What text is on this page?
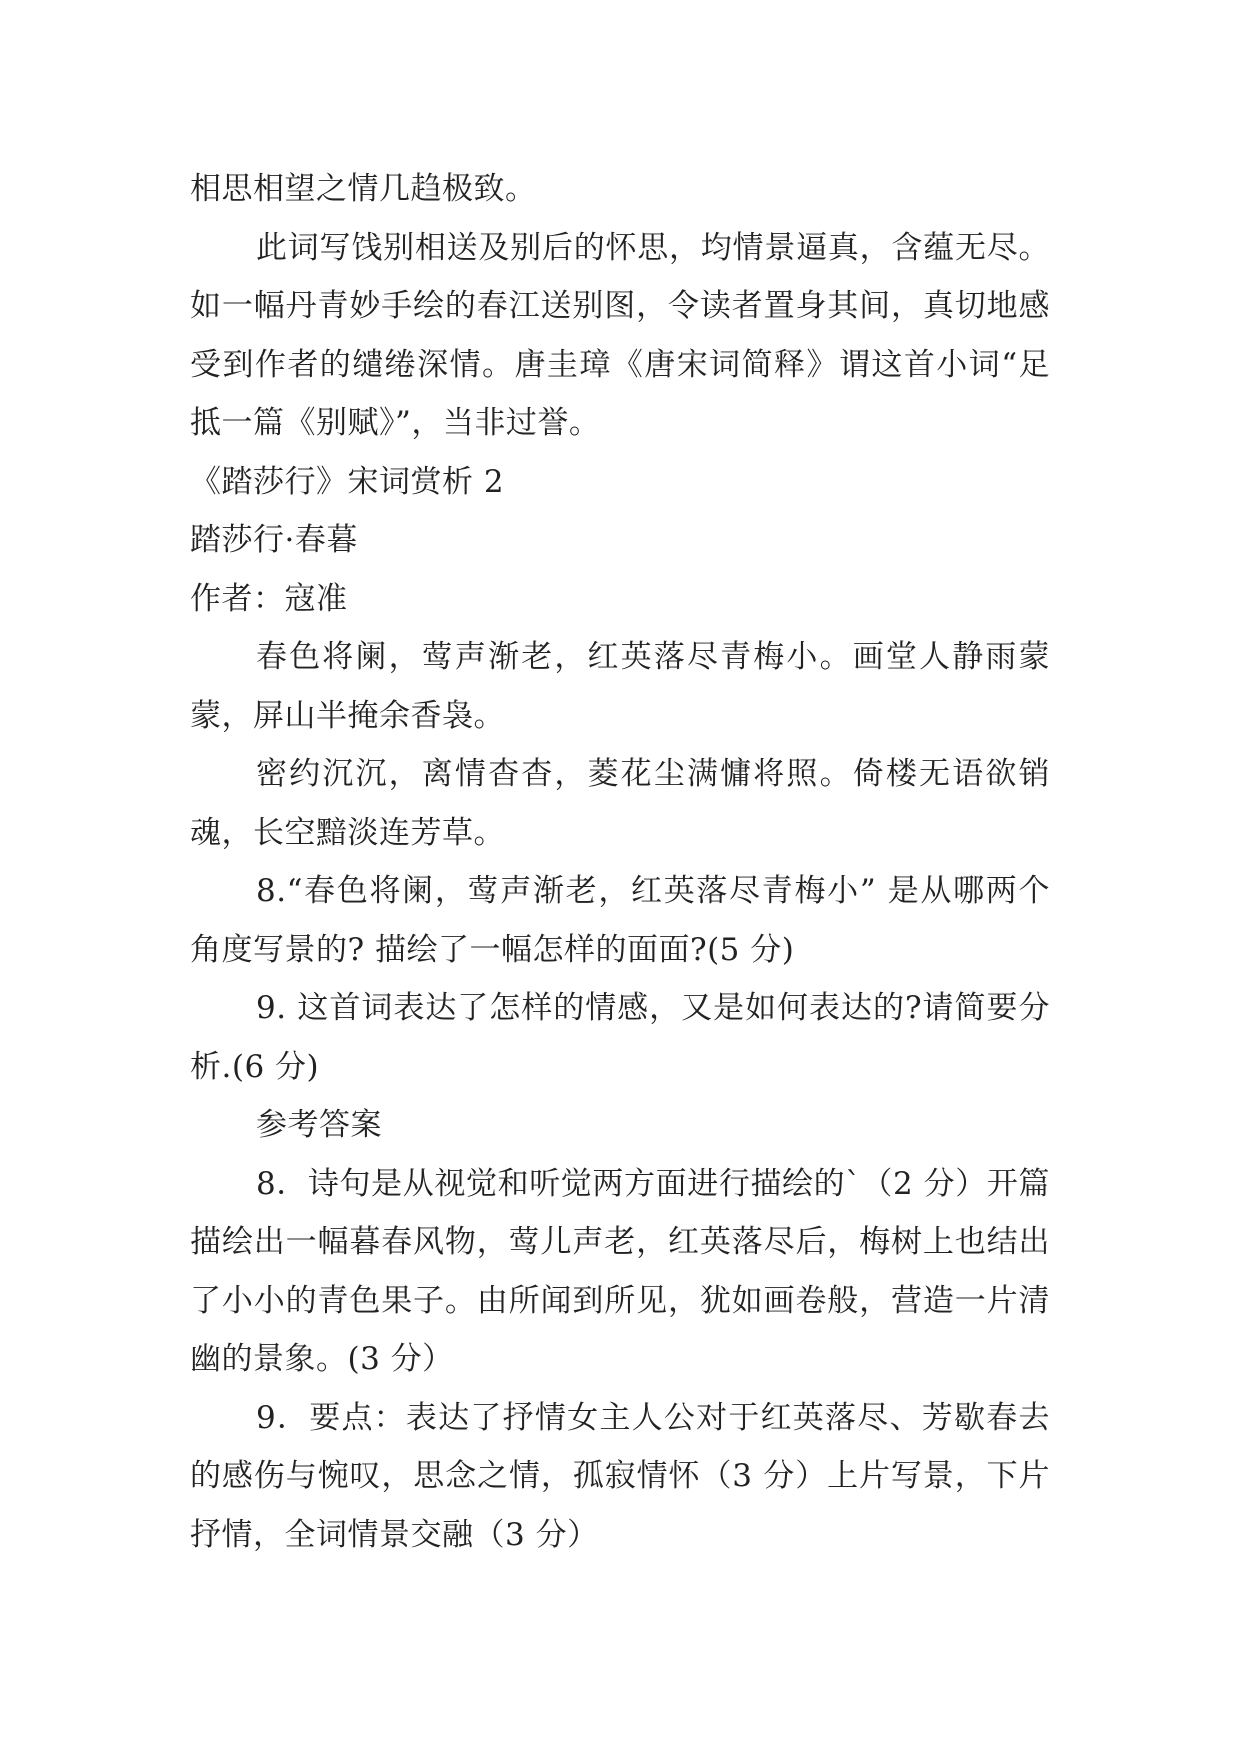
相思相望之情几趋极致。

此词写饯别相送及别后的怀思，均情景逼真，含蕴无尽。如一幅丹青妙手绘的春江送别图，令读者置身其间，真切地感受到作者的缱绻深情。唐圭璋《唐宋词简释》谓这首小词“足抵一篇《别赋》”，当非过誉。

《踏莎行》宋词赏析 2

踏莎行·春暮

作者：寇准

春色将阑，莺声渐老，红英落尽青梅小。画堂人静雨蒙蒙，屏山半掩余香袅。

密约沉沉，离情杳杳，菱花尘满慵将照。倚楼无语欲销魂，长空黯淡连芳草。

8.“春色将阑，莺声渐老，红英落尽青梅小” 是从哪两个角度写景的? 描绘了一幅怎样的面面?(5 分)

9. 这首词表达了怎样的情感，又是如何表达的?请简要分析.(6 分)

参考答案

8．诗句是从视觉和听觉两方面进行描绘的`（2 分）开篇描绘出一幅暮春风物，莺儿声老，红英落尽后，梅树上也结出了小小的青色果子。由所闻到所见，犹如画卷般，营造一片清幽的景象。(3 分）

9．要点：表达了抒情女主人公对于红英落尽、芳歇春去的感伤与惋叹，思念之情，孤寂情怀（3 分）上片写景，下片抒情，全词情景交融（3 分）
